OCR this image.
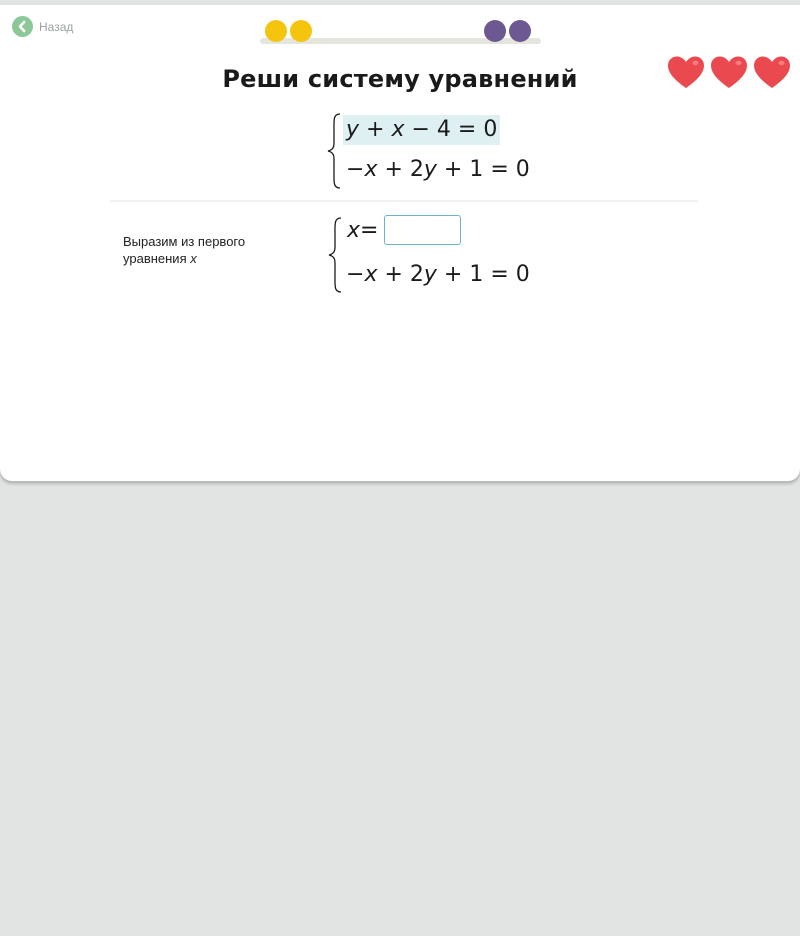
Назад
Реши систему уравнений
y + x − 4 = 0
−x + 2y + 1 = 0
Выразим из первого уравнения x
x =
−x + 2y + 1 = 0
